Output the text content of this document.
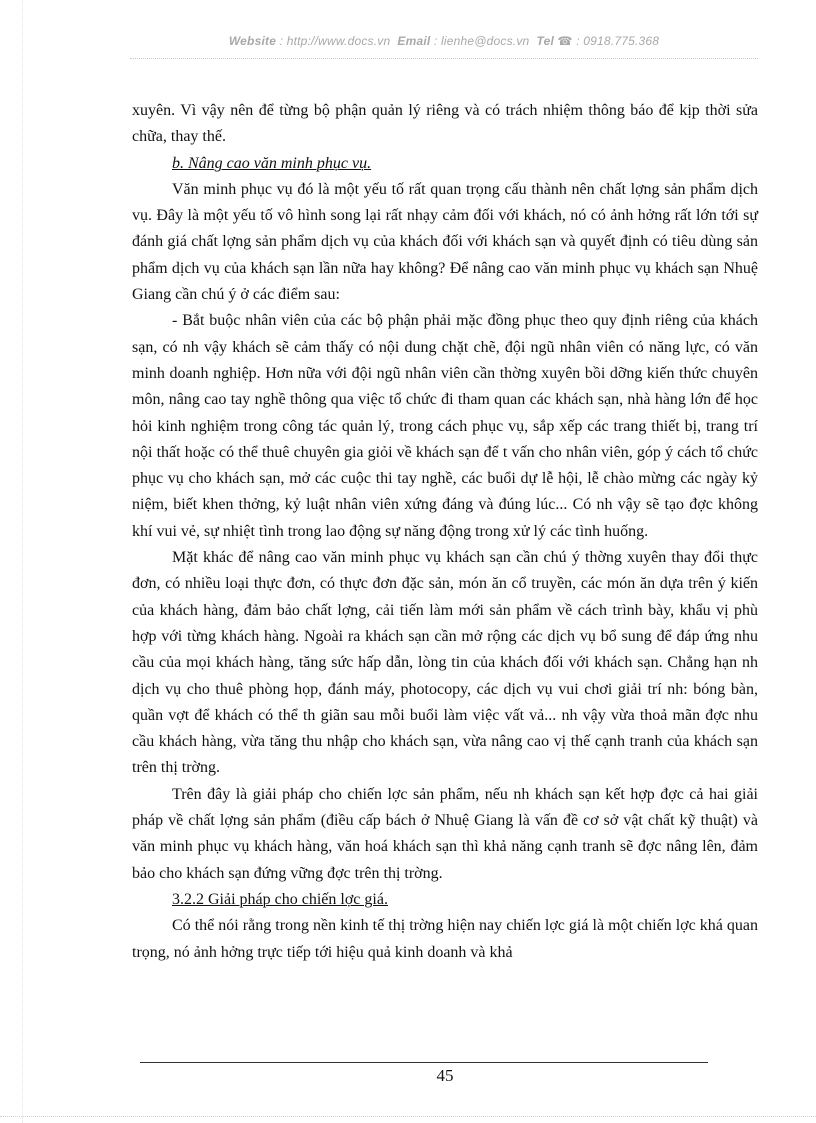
Website : http://www.docs.vn Email : lienhe@docs.vn Tel ☎ : 0918.775.368

xuyên. Vì vậy nên để từng bộ phận quản lý riêng và có trách nhiệm thông báo để kịp thời sửa chữa, thay thế.

b. Nâng cao văn minh phục vụ.

Văn minh phục vụ đó là một yếu tố rất quan trọng cấu thành nên chất lợng sản phẩm dịch vụ. Đây là một yếu tố vô hình song lại rất nhạy cảm đối với khách, nó có ảnh hởng rất lớn tới sự đánh giá chất lợng sản phẩm dịch vụ của khách đối với khách sạn và quyết định có tiêu dùng sản phẩm dịch vụ của khách sạn lần nữa hay không? Để nâng cao văn minh phục vụ khách sạn Nhuệ Giang cần chú ý ở các điểm sau:

- Bắt buộc nhân viên của các bộ phận phải mặc đồng phục theo quy định riêng của khách sạn, có nh vậy khách sẽ cảm thấy có nội dung chặt chẽ, đội ngũ nhân viên có năng lực, có văn minh doanh nghiệp. Hơn nữa với đội ngũ nhân viên cần thờng xuyên bồi dỡng kiến thức chuyên môn, nâng cao tay nghề thông qua việc tổ chức đi tham quan các khách sạn, nhà hàng lớn để học hỏi kinh nghiệm trong công tác quản lý, trong cách phục vụ, sắp xếp các trang thiết bị, trang trí nội thất hoặc có thể thuê chuyên gia giỏi về khách sạn để t vấn cho nhân viên, góp ý cách tổ chức phục vụ cho khách sạn, mở các cuộc thi tay nghề, các buổi dự lễ hội, lễ chào mừng các ngày kỷ niệm, biết khen thởng, kỷ luật nhân viên xứng đáng và đúng lúc... Có nh vậy sẽ tạo đợc không khí vui vẻ, sự nhiệt tình trong lao động sự năng động trong xử lý các tình huống.

Mặt khác để nâng cao văn minh phục vụ khách sạn cần chú ý thờng xuyên thay đổi thực đơn, có nhiều loại thực đơn, có thực đơn đặc sản, món ăn cổ truyền, các món ăn dựa trên ý kiến của khách hàng, đảm bảo chất lợng, cải tiến làm mới sản phẩm về cách trình bày, khẩu vị phù hợp với từng khách hàng. Ngoài ra khách sạn cần mở rộng các dịch vụ bổ sung để đáp ứng nhu cầu của mọi khách hàng, tăng sức hấp dẫn, lòng tin của khách đối với khách sạn. Chẳng hạn nh dịch vụ cho thuê phòng họp, đánh máy, photocopy, các dịch vụ vui chơi giải trí nh: bóng bàn, quần vợt để khách có thể th giãn sau mỗi buổi làm việc vất vả... nh vậy vừa thoả mãn đợc nhu cầu khách hàng, vừa tăng thu nhập cho khách sạn, vừa nâng cao vị thế cạnh tranh của khách sạn trên thị trờng.

Trên đây là giải pháp cho chiến lợc sản phẩm, nếu nh khách sạn kết hợp đợc cả hai giải pháp về chất lợng sản phẩm (điều cấp bách ở Nhuệ Giang là vấn đề cơ sở vật chất kỹ thuật) và văn minh phục vụ khách hàng, văn hoá khách sạn thì khả năng cạnh tranh sẽ đợc nâng lên, đảm bảo cho khách sạn đứng vững đợc trên thị trờng.

3.2.2 Giải pháp cho chiến lợc giá.

Có thể nói rằng trong nền kinh tế thị trờng hiện nay chiến lợc giá là một chiến lợc khá quan trọng, nó ảnh hởng trực tiếp tới hiệu quả kinh doanh và khả

45
